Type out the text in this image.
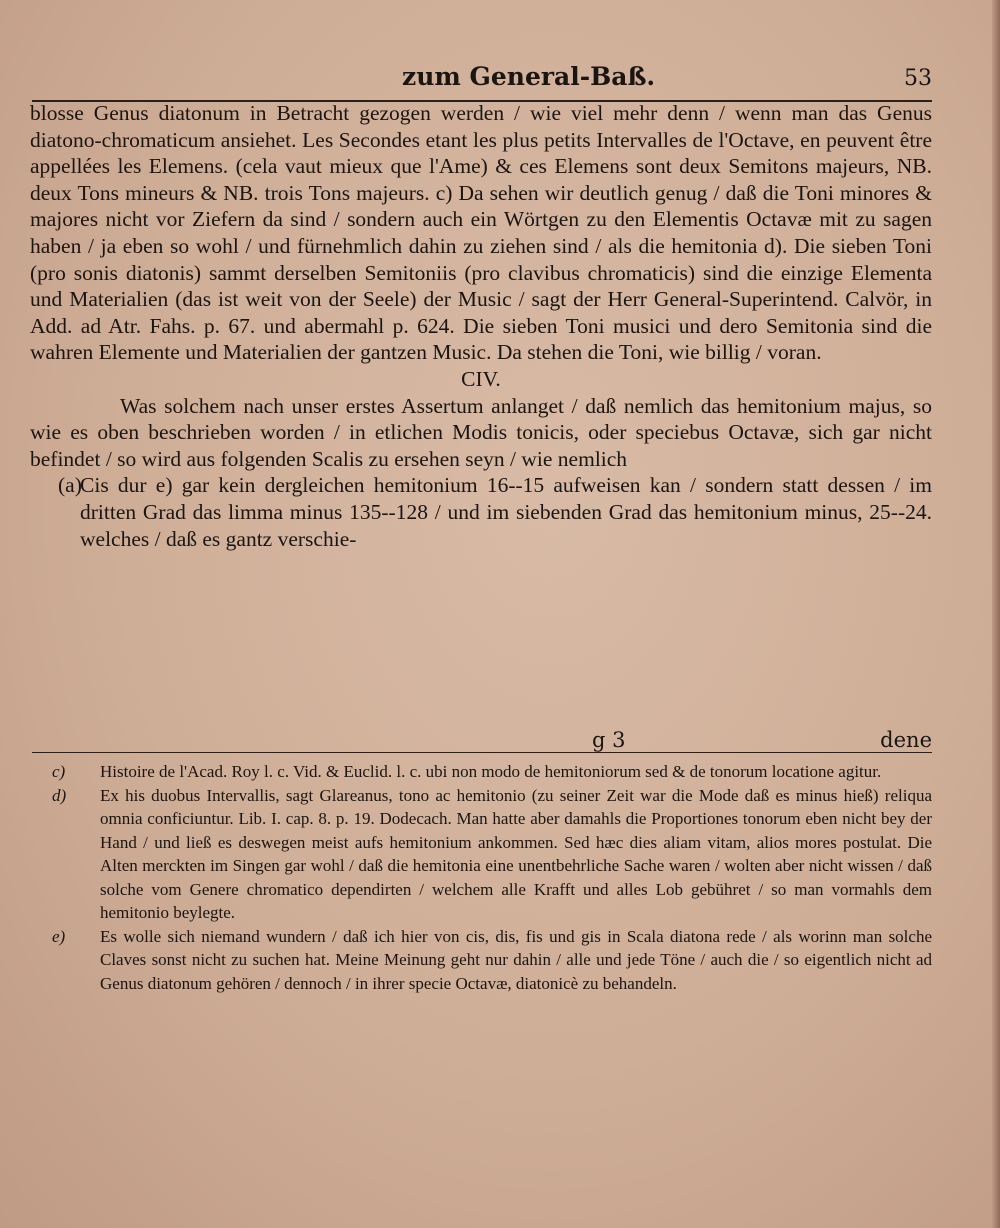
zum General-Baß.	53

blosse Genus diatonum in Betracht gezogen werden / wie viel mehr denn / wenn man das Genus diatono-chromaticum ansiehet. Les Secondes etant les plus petits Intervalles de l'Octave, en peuvent être appellées les Elemens. (cela vaut mieux que l'Ame) & ces Elemens sont deux Semitons majeurs, NB. deux Tons mineurs & NB. trois Tons majeurs. c) Da sehen wir deutlich genug / daß die Toni minores & majores nicht vor Ziefern da sind / sondern auch ein Wörtgen zu den Elementis Octavæ mit zu sagen haben / ja eben so wohl / und fürnehmlich dahin zu ziehen sind / als die hemitonia d). Die sieben Toni (pro sonis diatonis) sammt derselben Semitoniis (pro clavibus chromaticis) sind die einzige Elementa und Materialien (das ist weit von der Seele) der Music / sagt der Herr General-Superintend. Calvör, in Add. ad Atr. Fahs. p. 67. und abermahl p. 624. Die sieben Toni musici und dero Semitonia sind die wahren Elemente und Materialien der gantzen Music. Da stehen die Toni, wie billig / voran.

CIV.

Was solchem nach unser erstes Assertum anlanget / daß nemlich das hemitonium majus, so wie es oben beschrieben worden / in etlichen Modis tonicis, oder speciebus Octavæ, sich gar nicht befindet / so wird aus folgenden Scalis zu ersehen seyn / wie nemlich

(a)
Cis dur e) gar kein dergleichen hemitonium 16--15 aufweisen kan / sondern statt dessen / im dritten Grad das limma minus 135--128 / und im siebenden Grad das hemitonium minus, 25--24. welches / daß es gantz verschie-

g 3	dene

c) Histoire de l'Acad. Roy l. c. Vid. & Euclid. l. c. ubi non modo de hemitoniorum sed & de tonorum locatione agitur.

d) Ex his duobus Intervallis, sagt Glareanus, tono ac hemitonio (zu seiner Zeit war die Mode daß es minus hieß) reliqua omnia conficiuntur. Lib. I. cap. 8. p. 19. Dodecach. Man hatte aber damahls die Proportiones tonorum eben nicht bey der Hand / und ließ es deswegen meist aufs hemitonium ankommen. Sed hæc dies aliam vitam, alios mores postulat. Die Alten merckten im Singen gar wohl / daß die hemitonia eine unentbehrliche Sache waren / wolten aber nicht wissen / daß solche vom Genere chromatico dependirten / welchem alle Krafft und alles Lob gebühret / so man vormahls dem hemitonio beylegte.

e) Es wolle sich niemand wundern / daß ich hier von cis, dis, fis und gis in Scala diatona rede / als worinn man solche Claves sonst nicht zu suchen hat. Meine Meinung geht nur dahin / alle und jede Töne / auch die / so eigentlich nicht ad Genus diatonum gehören / dennoch / in ihrer specie Octavæ, diatonicè zu behandeln.
